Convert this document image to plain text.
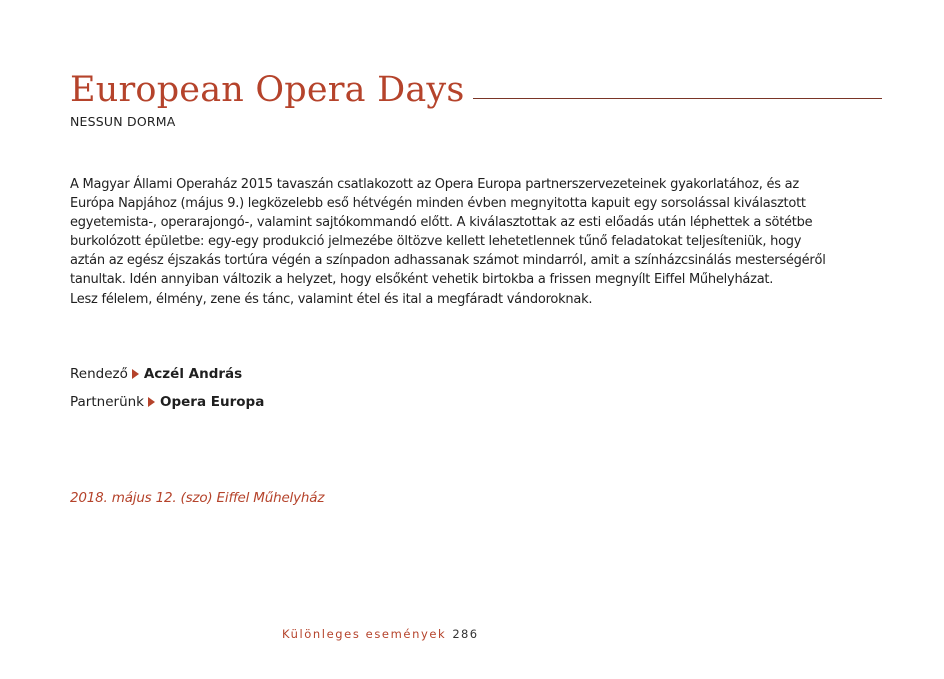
European Opera Days
NESSUN DORMA

A Magyar Állami Operaház 2015 tavaszán csatlakozott az Opera Europa partnerszervezeteinek gyakorlatához, és az
Európa Napjához (május 9.) legközelebb eső hétvégén minden évben megnyitotta kapuit egy sorsolással kiválasztott
egyetemista-, operarajongó-, valamint sajtókommandó előtt. A kiválasztottak az esti előadás után léphettek a sötétbe
burkolózott épületbe: egy-egy produkció jelmezébe öltözve kellett lehetetlennek tűnő feladatokat teljesíteniük, hogy
aztán az egész éjszakás tortúra végén a színpadon adhassanak számot mindarról, amit a színházcsinálás mesterségéről
tanultak. Idén annyiban változik a helyzet, hogy elsőként vehetik birtokba a frissen megnyílt Eiffel Műhelyházat.
Lesz félelem, élmény, zene és tánc, valamint étel és ital a megfáradt vándoroknak.

Rendező Aczél András
Partnerünk Opera Europa
2018. május 12. (szo) Eiffel Műhelyház
Különleges események 286
